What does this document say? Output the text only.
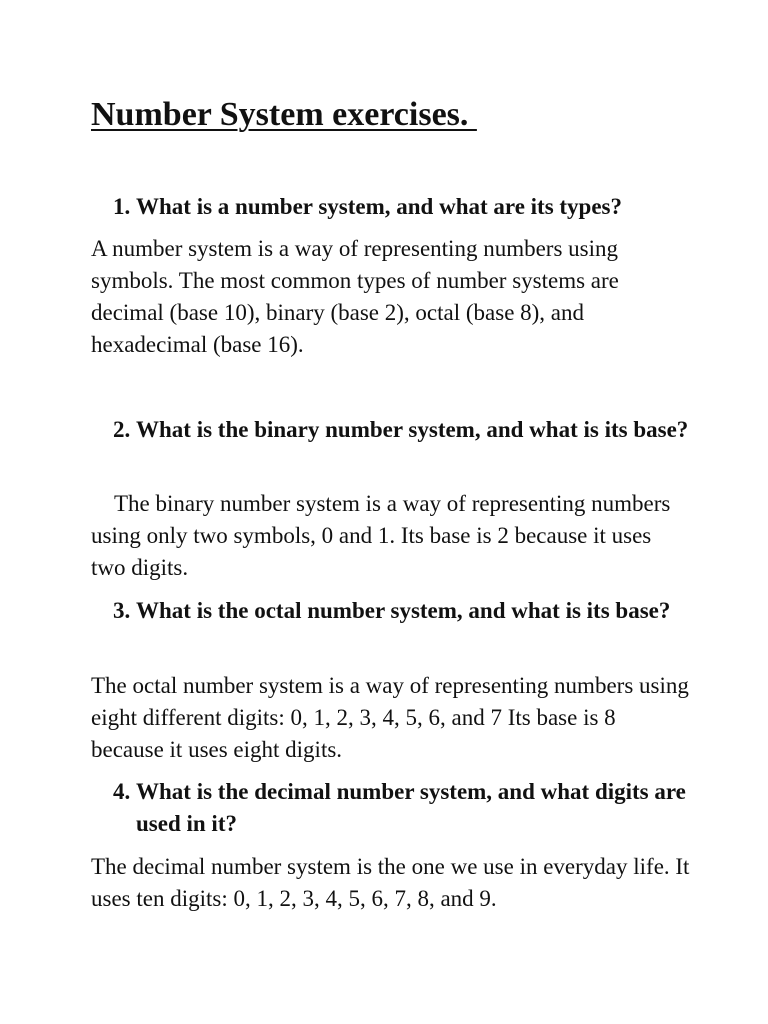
Number System exercises.
1. What is a number system, and what are its types?

A number system is a way of representing numbers using symbols. The most common types of number systems are decimal (base 10), binary (base 2), octal (base 8), and hexadecimal (base 16).

2. What is the binary number system, and what is its base?

The binary number system is a way of representing numbers using only two symbols, 0 and 1. Its base is 2 because it uses two digits.

3. What is the octal number system, and what is its base?

The octal number system is a way of representing numbers using eight different digits: 0, 1, 2, 3, 4, 5, 6, and 7 Its base is 8 because it uses eight digits.

4. What is the decimal number system, and what digits are used in it?

The decimal number system is the one we use in everyday life. It uses ten digits: 0, 1, 2, 3, 4, 5, 6, 7, 8, and 9.
